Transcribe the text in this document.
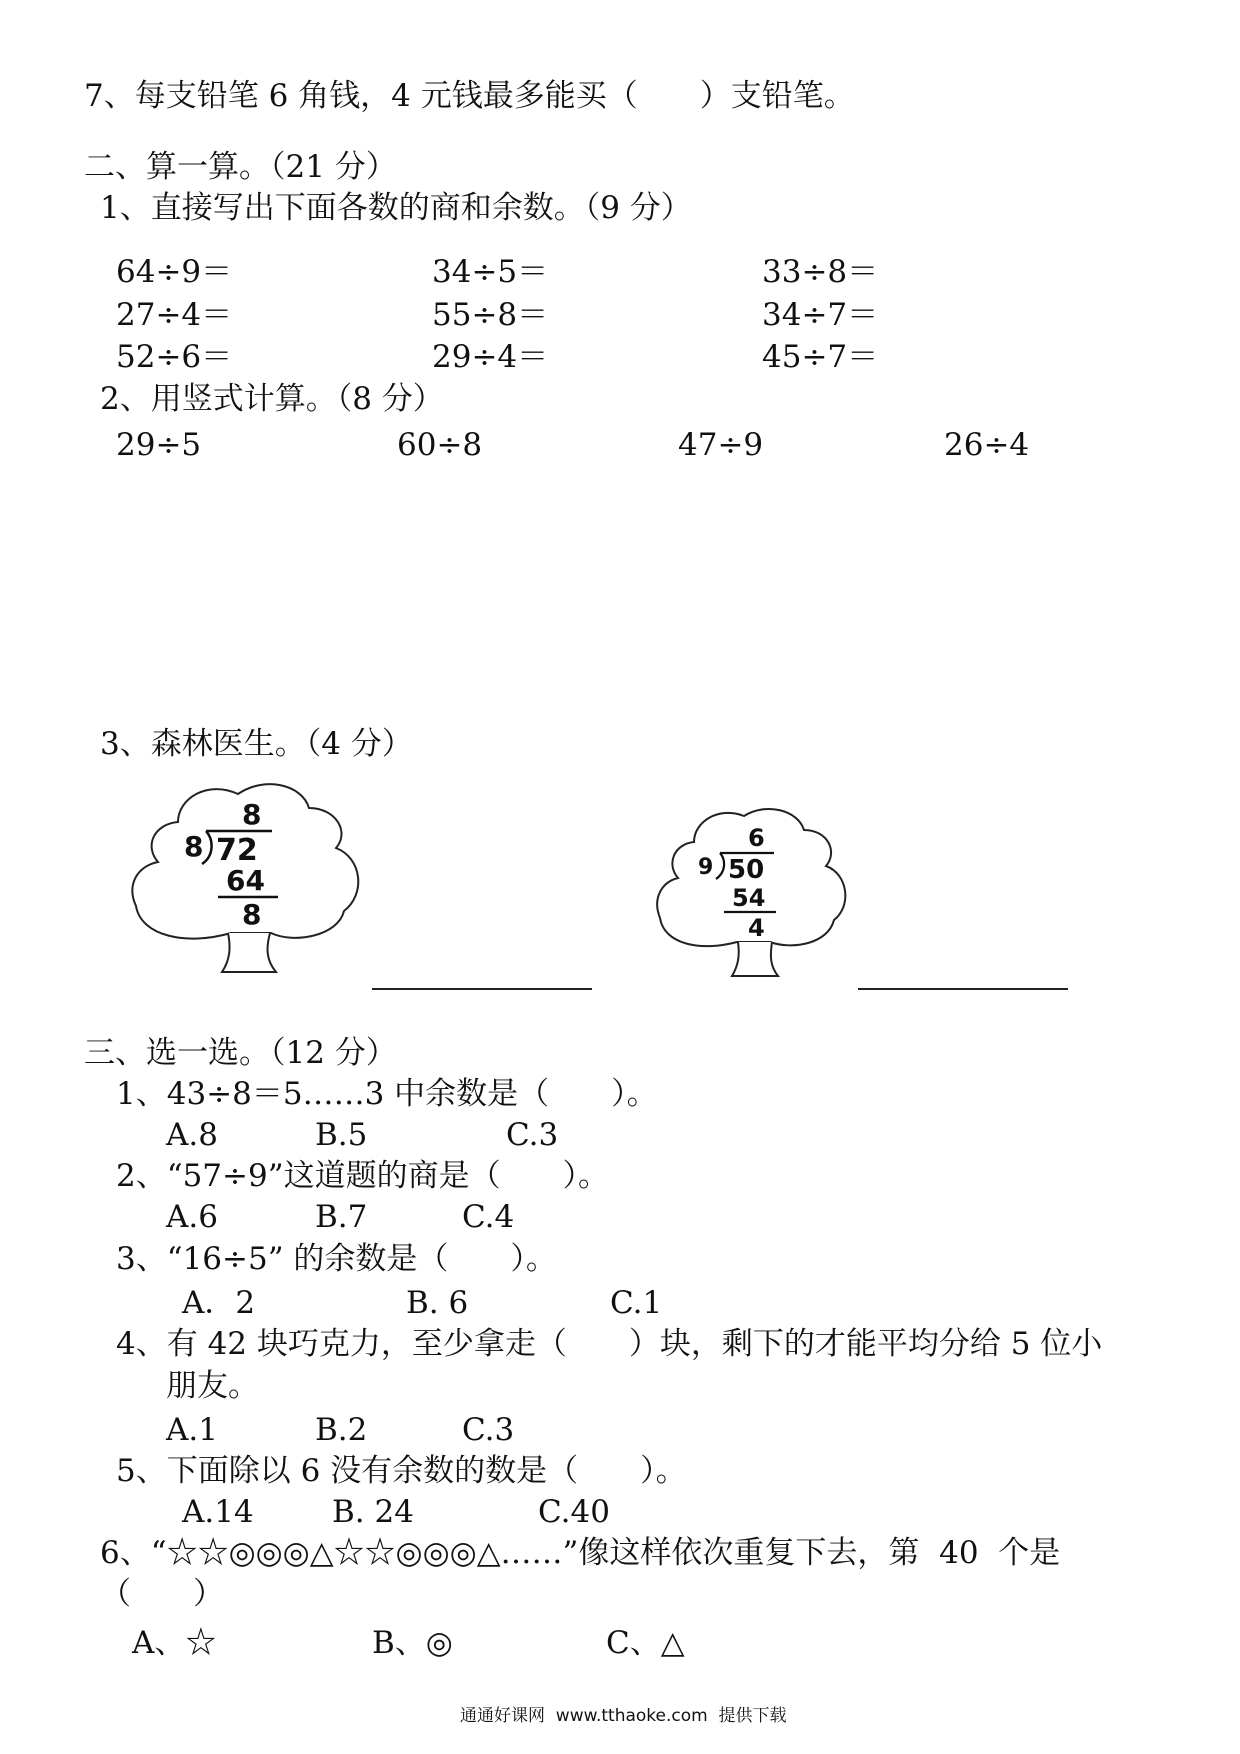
7、每支铅笔 6 角钱，4 元钱最多能买（　　）支铅笔。
二、算一算。（21 分）
1、直接写出下面各数的商和余数。（9 分）
64÷9＝	34÷5＝	33÷8＝
27÷4＝	55÷8＝	34÷7＝
52÷6＝	29÷4＝	45÷7＝
2、用竖式计算。（8 分）
29÷5	60÷8	47÷9	26÷4
3、森林医生。（4 分）
8
8 72
64
8
6
9 50
54
4
三、选一选。（12 分）
1、43÷8＝5……3 中余数是（　　）。
A.8	B.5	C.3
2、“57÷9”这道题的商是（　　）。
A.6	B.7	C.4
3、“16÷5” 的余数是（　　）。
A．2	B. 6	C.1
4、有 42 块巧克力，至少拿走（　　）块，剩下的才能平均分给 5 位小
朋友。
A.1	B.2	C.3
5、下面除以 6 没有余数的数是（　　）。
A.14	B. 24	C.40
6、“☆☆◎◎◎△☆☆◎◎◎△……”像这样依次重复下去，第  40  个是
（　　）
A、☆	B、◎	C、△
通通好课网  www.tthaoke.com  提供下载
